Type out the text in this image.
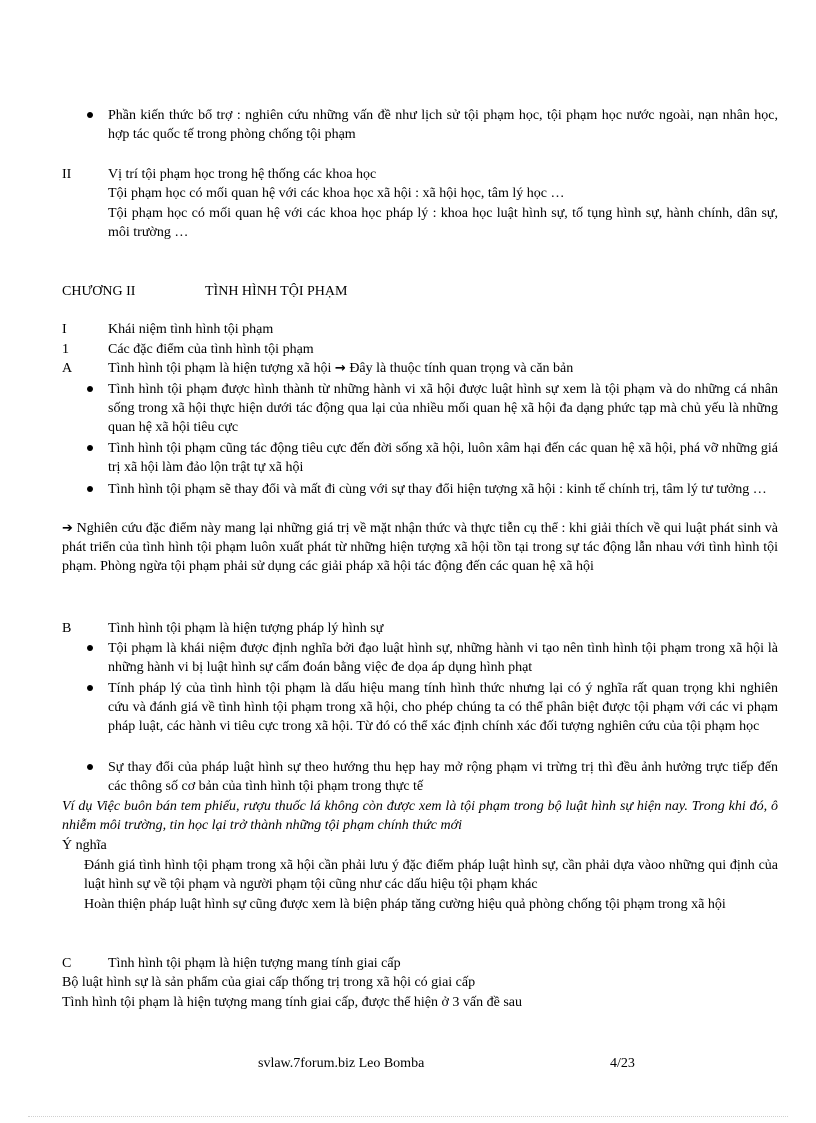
Phần kiến thức bổ trợ : nghiên cứu những vấn đề như lịch sử tội phạm học, tội phạm học nước ngoài, nạn nhân học, hợp tác quốc tế trong phòng chống tội phạm
II	Vị trí tội phạm học trong hệ thống các khoa học
Tội phạm học có mối quan hệ với các khoa học xã hội : xã hội học, tâm lý học …
Tội phạm học có mối quan hệ với các khoa học pháp lý : khoa học luật hình sự, tố tụng hình sự, hành chính, dân sự, môi trường …
CHƯƠNG II	TÌNH HÌNH TỘI PHẠM
I	Khái niệm tình hình tội phạm
1	Các đặc điểm của tình hình tội phạm
A	Tình hình tội phạm là hiện tượng xã hội → Đây là thuộc tính quan trọng và căn bản
Tình hình tội phạm được hình thành từ những hành vi xã hội được luật hình sự xem là tội phạm và do những cá nhân sống trong xã hội thực hiện dưới tác động qua lại của nhiều mối quan hệ xã hội đa dạng phức tạp mà chủ yếu là những quan hệ xã hội tiêu cực
Tình hình tội phạm cũng tác động tiêu cực đến đời sống xã hội, luôn xâm hại đến các quan hệ xã hội, phá vỡ những giá trị xã hội làm đảo lộn trật tự xã hội
Tình hình tội phạm sẽ thay đổi và mất đi cùng với sự thay đổi hiện tượng xã hội : kinh tế chính trị, tâm lý tư tưởng …
➔ Nghiên cứu đặc điểm này mang lại những giá trị về mặt nhận thức và thực tiễn cụ thể : khi giải thích về qui luật phát sinh và phát triển của tình hình tội phạm luôn xuất phát từ những hiện tượng xã hội tồn tại trong sự tác động lẫn nhau với tình hình tội phạm. Phòng ngừa tội phạm phải sử dụng các giải pháp xã hội tác động đến các quan hệ xã hội
B	Tình hình tội phạm là hiện tượng pháp lý hình sự
Tội phạm là khái niệm được định nghĩa bởi đạo luật hình sự, những hành vi tạo nên tình hình tội phạm trong xã hội là những hành vi bị luật hình sự cấm đoán bằng việc đe dọa áp dụng hình phạt
Tính pháp lý của tình hình tội phạm là dấu hiệu mang tính hình thức nhưng lại có ý nghĩa rất quan trọng khi nghiên cứu và đánh giá về tình hình tội phạm trong xã hội, cho phép chúng ta có thể phân biệt được tội phạm với các vi phạm pháp luật, các hành vi tiêu cực trong xã hội. Từ đó có thể xác định chính xác đối tượng nghiên cứu của tội phạm học
Sự thay đổi của pháp luật hình sự theo hướng thu hẹp hay mở rộng phạm vi trừng trị thì đều ảnh hưởng trực tiếp đến các thông số cơ bản của tình hình tội phạm trong thực tế
Ví dụ Việc buôn bán tem phiếu, rượu thuốc lá không còn được xem là tội phạm trong bộ luật hình sự hiện nay. Trong khi đó, ô nhiễm môi trường, tin học lại trở thành những tội phạm chính thức mới
Ý nghĩa
Đánh giá tình hình tội phạm trong xã hội cần phải lưu ý đặc điểm pháp luật hình sự, cần phải dựa vàoo những qui định của luật hình sự về tội phạm và người phạm tội cũng như các dấu hiệu tội phạm khác
Hoàn thiện pháp luật hình sự cũng được xem là biện pháp tăng cường hiệu quả phòng chống tội phạm trong xã hội
C	Tình hình tội phạm là hiện tượng mang tính giai cấp
Bộ luật hình sự là sản phẩm của giai cấp thống trị trong xã hội có giai cấp
Tình hình tội phạm là hiện tượng mang tính giai cấp, được thể hiện ở 3 vấn đề sau
svlaw.7forum.biz Leo Bomba	4/23
